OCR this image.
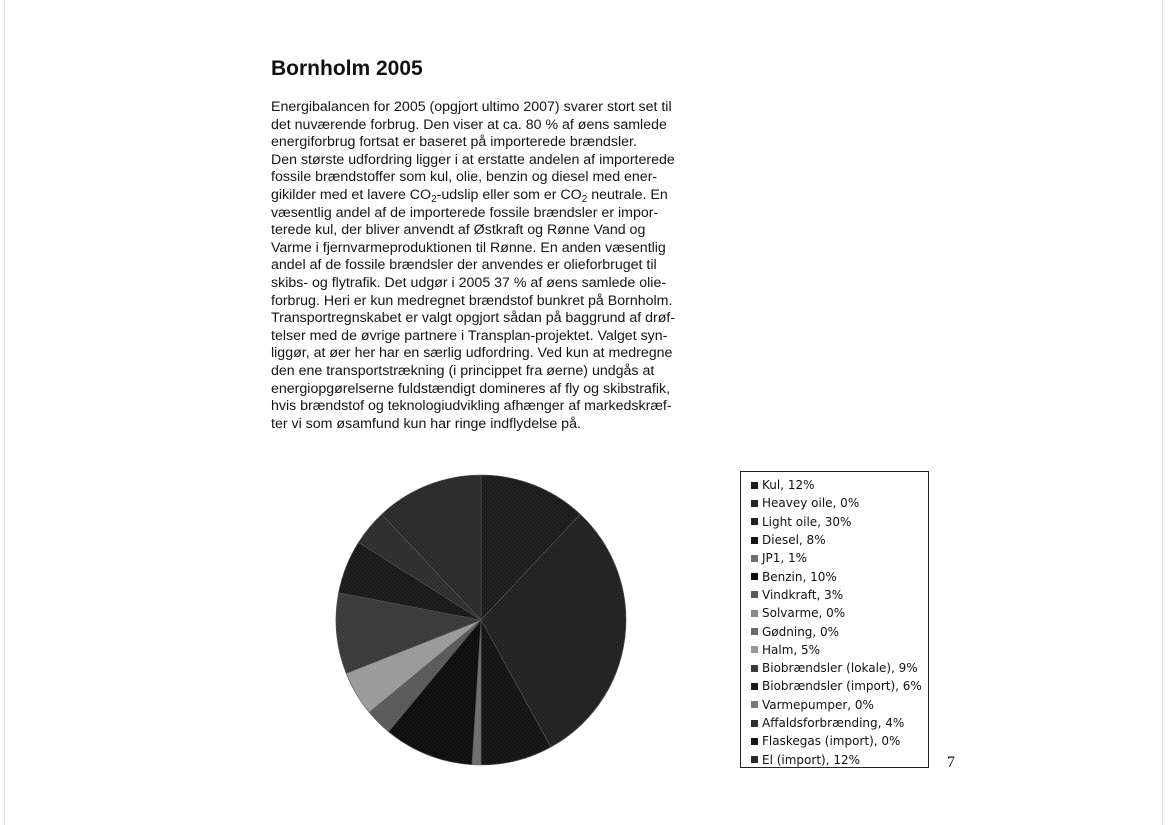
Bornholm 2005
Energibalancen for 2005 (opgjort ultimo 2007) svarer stort set til
det nuværende forbrug. Den viser at ca. 80 % af øens samlede
energiforbrug fortsat er baseret på importerede brændsler.
Den største udfordring ligger i at erstatte andelen af importerede
fossile brændstoffer som kul, olie, benzin og diesel med ener-
gikilder med et lavere $CO_2$-udslip eller som er $CO_2$ neutrale. En
væsentlig andel af de importerede fossile brændsler er impor-
terede kul, der bliver anvendt af Østkraft og Rønne Vand og
Varme i fjernvarmeproduktionen til Rønne. En anden væsentlig
andel af de fossile brændsler der anvendes er olieforbruget til
skibs- og flytrafik. Det udgør i 2005 37 % af øens samlede olie-
forbrug. Heri er kun medregnet brændstof bunkret på Bornholm.
Transportregnskabet er valgt opgjort sådan på baggrund af drøf-
telser med de øvrige partnere i Transplan-projektet. Valget syn-
liggør, at øer her har en særlig udfordring. Ved kun at medregne
den ene transportstrækning (i princippet fra øerne) undgås at
energiopgørelserne fuldstændigt domineres af fly og skibstrafik,
hvis brændstof og teknologiudvikling afhænger af markedskræf-
ter vi som øsamfund kun har ringe indflydelse på.
Kul, 12%
Heavey oile, 0%
Light oile, 30%
Diesel, 8%
JP1, 1%
Benzin, 10%
Vindkraft, 3%
Solvarme, 0%
Gødning, 0%
Halm, 5%
Biobrændsler (lokale), 9%
Biobrændsler (import), 6%
Varmepumper, 0%
Affaldsforbrænding, 4%
Flaskegas (import), 0%
El (import), 12%	7
